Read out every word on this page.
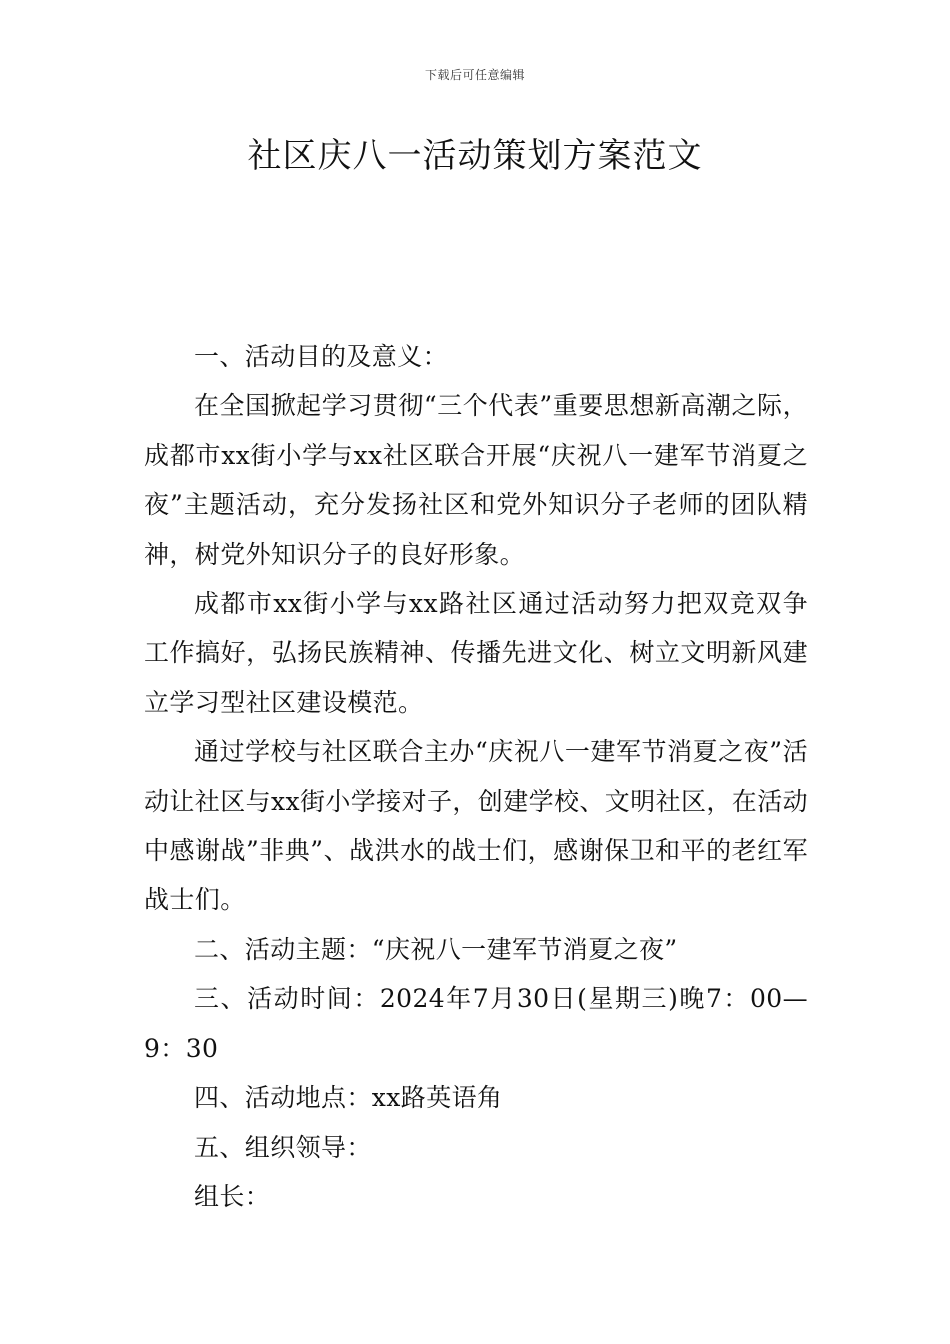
下载后可任意编辑
社区庆八一活动策划方案范文

一、活动目的及意义：

在全国掀起学习贯彻“三个代表”重要思想新高潮之际，成都市xx街小学与xx社区联合开展“庆祝八一建军节消夏之夜”主题活动，充分发扬社区和党外知识分子老师的团队精神，树党外知识分子的良好形象。

成都市xx街小学与xx路社区通过活动努力把双竞双争工作搞好，弘扬民族精神、传播先进文化、树立文明新风建立学习型社区建设模范。

通过学校与社区联合主办“庆祝八一建军节消夏之夜”活动让社区与xx街小学接对子，创建学校、文明社区，在活动中感谢战”非典”、战洪水的战士们，感谢保卫和平的老红军战士们。

二、活动主题：“庆祝八一建军节消夏之夜”

三、活动时间：2024年7月30日(星期三)晚7：00—9：30

四、活动地点：xx路英语角

五、组织领导：

组长：
